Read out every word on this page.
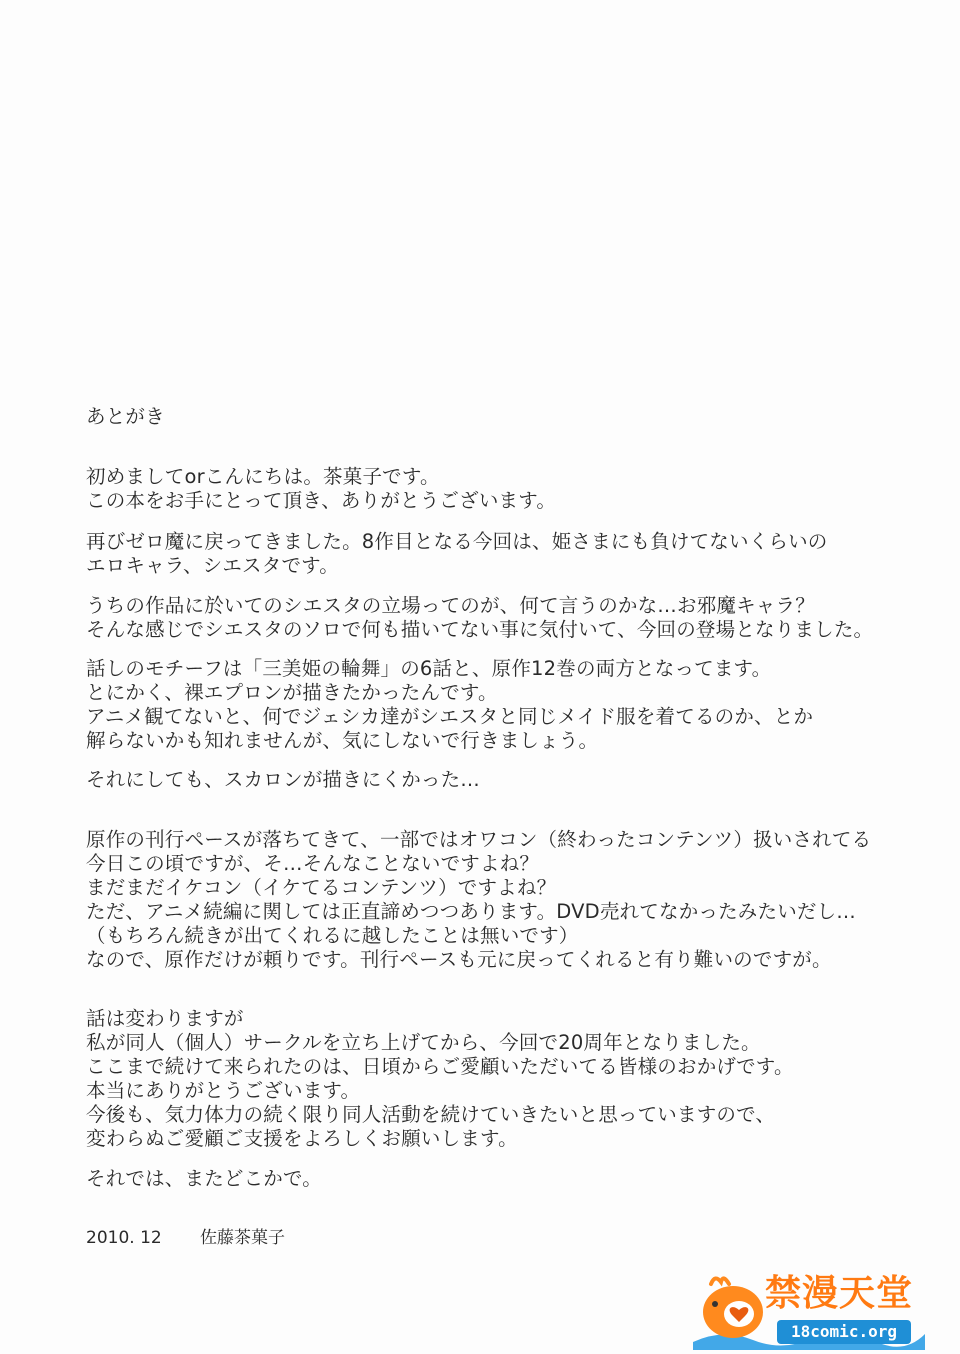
あとがき
初めましてorこんにちは。茶菓子です。
この本をお手にとって頂き、ありがとうございます。
再びゼロ魔に戻ってきました。8作目となる今回は、姫さまにも負けてないくらいの
エロキャラ、シエスタです。
うちの作品に於いてのシエスタの立場ってのが、何て言うのかな…お邪魔キャラ？
そんな感じでシエスタのソロで何も描いてない事に気付いて、今回の登場となりました。
話しのモチーフは「三美姫の輪舞」の6話と、原作12巻の両方となってます。
とにかく、裸エプロンが描きたかったんです。
アニメ観てないと、何でジェシカ達がシエスタと同じメイド服を着てるのか、とか
解らないかも知れませんが、気にしないで行きましょう。
それにしても、スカロンが描きにくかった…
原作の刊行ペースが落ちてきて、一部ではオワコン（終わったコンテンツ）扱いされてる
今日この頃ですが、そ…そんなことないですよね？
まだまだイケコン（イケてるコンテンツ）ですよね？
ただ、アニメ続編に関しては正直諦めつつあります。DVD売れてなかったみたいだし…
（もちろん続きが出てくれるに越したことは無いです）
なので、原作だけが頼りです。刊行ペースも元に戻ってくれると有り難いのですが。
話は変わりますが
私が同人（個人）サークルを立ち上げてから、今回で20周年となりました。
ここまで続けて来られたのは、日頃からご愛顧いただいてる皆様のおかげです。
本当にありがとうございます。
今後も、気力体力の続く限り同人活動を続けていきたいと思っていますので、
変わらぬご愛顧ご支援をよろしくお願いします。
それでは、またどこかで。
2010. 12 佐藤茶菓子
禁漫天堂
18comic.org
